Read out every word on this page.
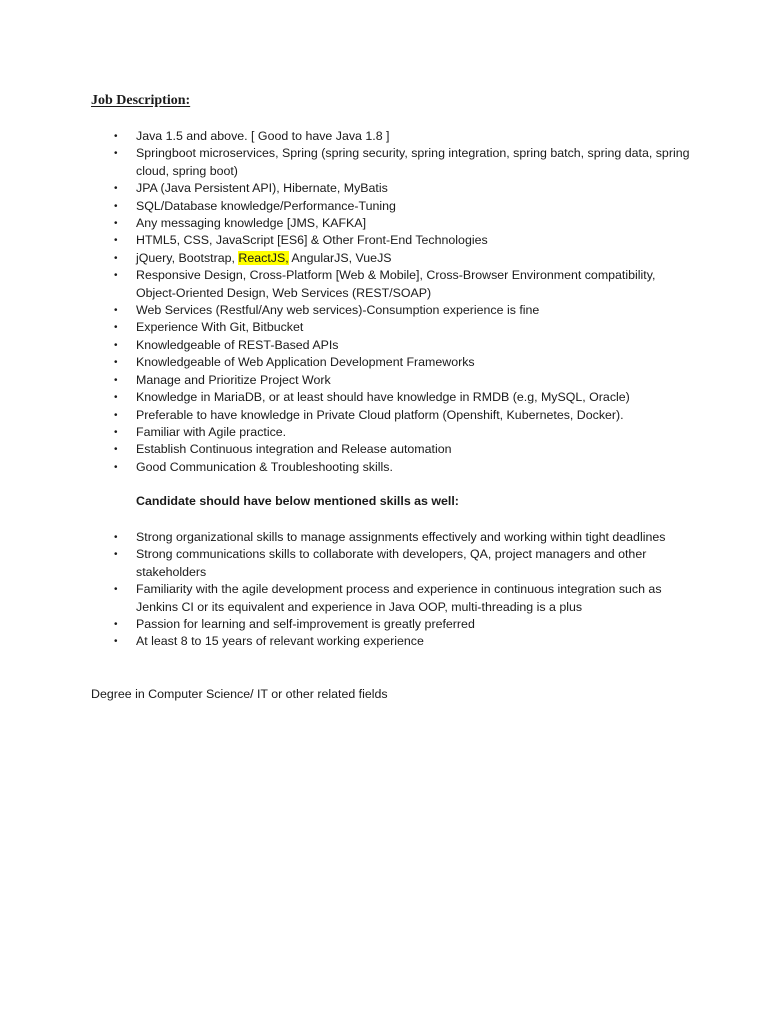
Job Description:
•	Java 1.5 and above. [ Good to have Java 1.8 ]
•	Springboot microservices, Spring (spring security, spring integration, spring batch, spring data, spring cloud, spring boot)
•	JPA (Java Persistent API), Hibernate, MyBatis
•	SQL/Database knowledge/Performance-Tuning
•	Any messaging knowledge [JMS, KAFKA]
•	HTML5, CSS, JavaScript [ES6] & Other Front-End Technologies
•	jQuery, Bootstrap, ReactJS, AngularJS, VueJS
•	Responsive Design, Cross-Platform [Web & Mobile], Cross-Browser Environment compatibility, Object-Oriented Design, Web Services (REST/SOAP)
•	Web Services (Restful/Any web services)-Consumption experience is fine
•	Experience With Git, Bitbucket
•	Knowledgeable of REST-Based APIs
•	Knowledgeable of Web Application Development Frameworks
•	Manage and Prioritize Project Work
•	Knowledge in MariaDB, or at least should have knowledge in RMDB (e.g, MySQL, Oracle)
•	Preferable to have knowledge in Private Cloud platform (Openshift, Kubernetes, Docker).
•	Familiar with Agile practice.
•	Establish Continuous integration and Release automation
•	Good Communication & Troubleshooting skills.

Candidate should have below mentioned skills as well:

•	Strong organizational skills to manage assignments effectively and working within tight deadlines
•	Strong communications skills to collaborate with developers, QA, project managers and other stakeholders
•	Familiarity with the agile development process and experience in continuous integration such as Jenkins CI or its equivalent and experience in Java OOP, multi-threading is a plus
•	Passion for learning and self-improvement is greatly preferred
•	At least 8 to 15 years of relevant working experience

Degree in Computer Science/ IT or other related fields
